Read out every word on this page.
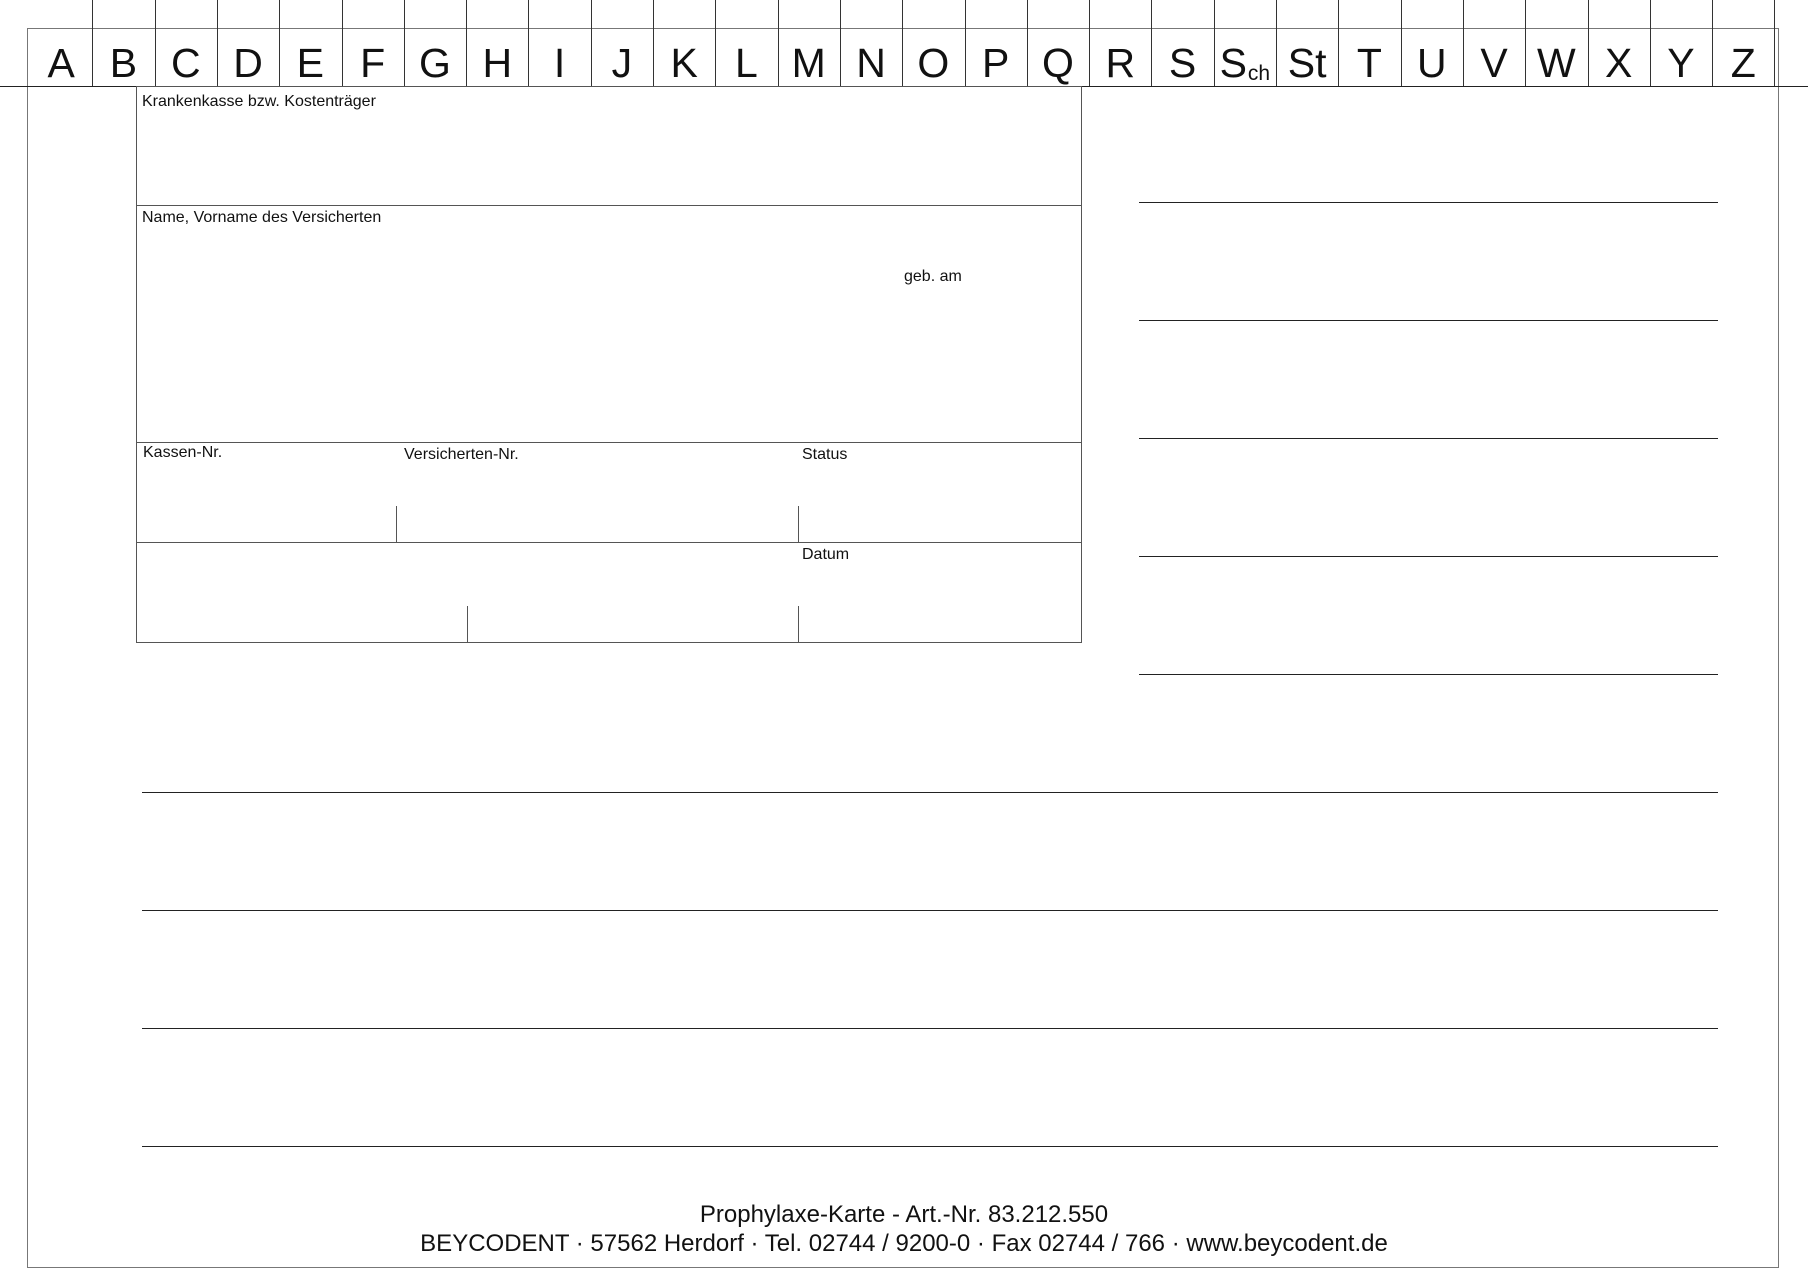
A B C D E F G H I J K L M N O P Q R S S ch St T U V W X Y Z
Krankenkasse bzw. Kostenträger
Name, Vorname des Versicherten
geb. am
Kassen-Nr.	Versicherten-Nr.	Status
Datum
Prophylaxe-Karte - Art.-Nr. 83.212.550
BEYCODENT · 57562 Herdorf · Tel. 02744 / 9200-0 · Fax 02744 / 766 · www.beycodent.de
